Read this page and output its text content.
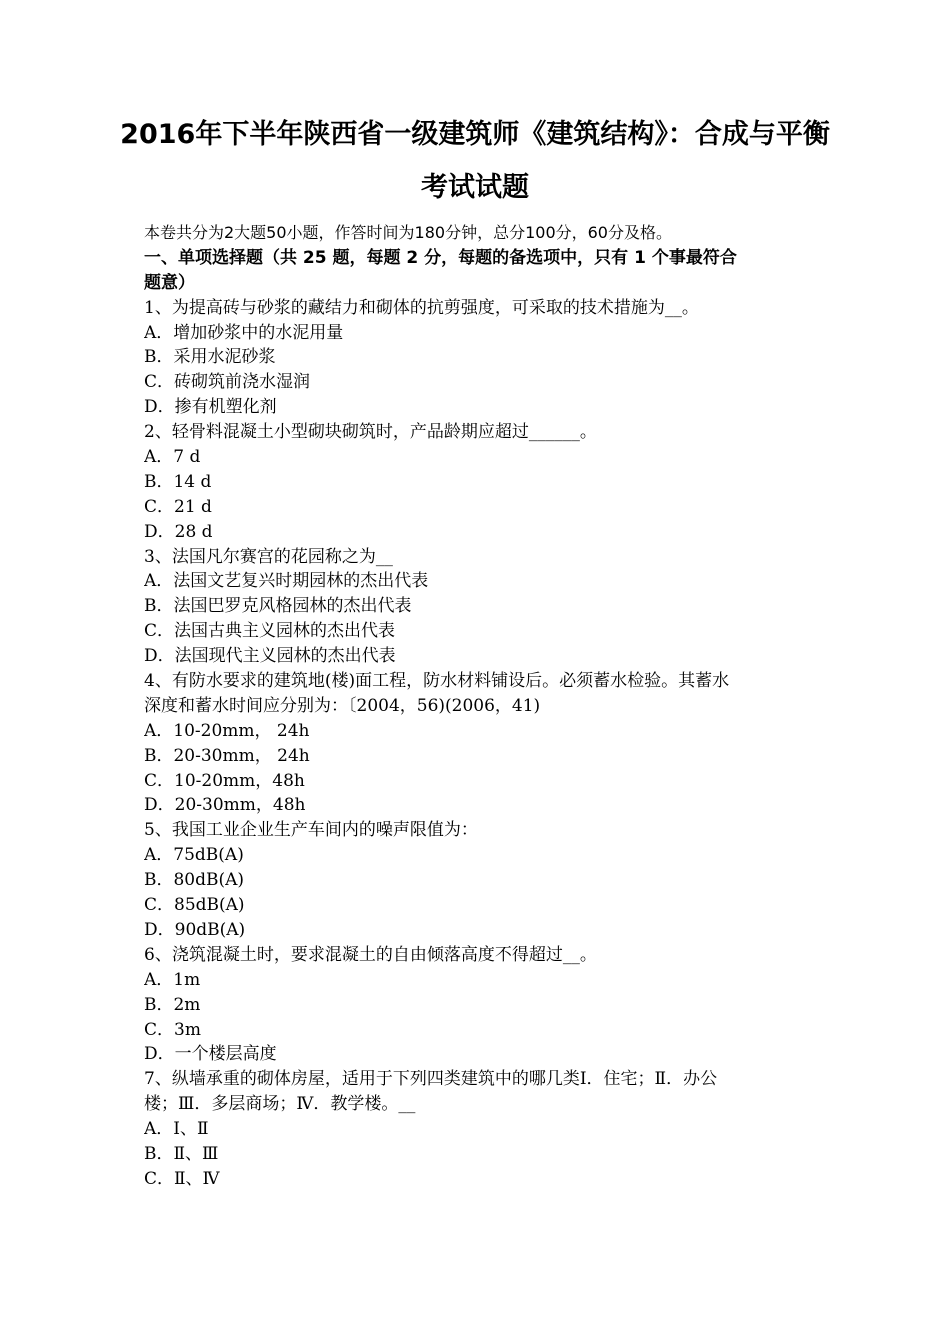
2016年下半年陕西省一级建筑师《建筑结构》：合成与平衡
考试试题
本卷共分为2大题50小题，作答时间为180分钟，总分100分，60分及格。
一、单项选择题（共 25 题，每题 2 分，每题的备选项中，只有 1 个事最符合
题意）
1、为提高砖与砂浆的藏结力和砌体的抗剪强度，可采取的技术措施为__。
A．增加砂浆中的水泥用量
B．采用水泥砂浆
C．砖砌筑前浇水湿润
D．掺有机塑化剂
2、轻骨料混凝土小型砌块砌筑时，产品龄期应超过______。
A．7 d
B．14 d
C．21 d
D．28 d
3、法国凡尔赛宫的花园称之为__
A．法国文艺复兴时期园林的杰出代表
B．法国巴罗克风格园林的杰出代表
C．法国古典主义园林的杰出代表
D．法国现代主义园林的杰出代表
4、有防水要求的建筑地(楼)面工程，防水材料铺设后。必须蓄水检验。其蓄水
深度和蓄水时间应分别为：〔2004，56)(2006，41)
A．10-20mm， 24h
B．20-30mm， 24h
C．10-20mm，48h
D．20-30mm，48h
5、我国工业企业生产车间内的噪声限值为：
A．75dB(A)
B．80dB(A)
C．85dB(A)
D．90dB(A)
6、浇筑混凝土时，要求混凝土的自由倾落高度不得超过__。
A．1m
B．2m
C．3m
D．一个楼层高度
7、纵墙承重的砌体房屋，适用于下列四类建筑中的哪几类Ⅰ．住宅；Ⅱ．办公
楼；Ⅲ．多层商场；Ⅳ．教学楼。__
A．Ⅰ、Ⅱ
B．Ⅱ、Ⅲ
C．Ⅱ、Ⅳ
